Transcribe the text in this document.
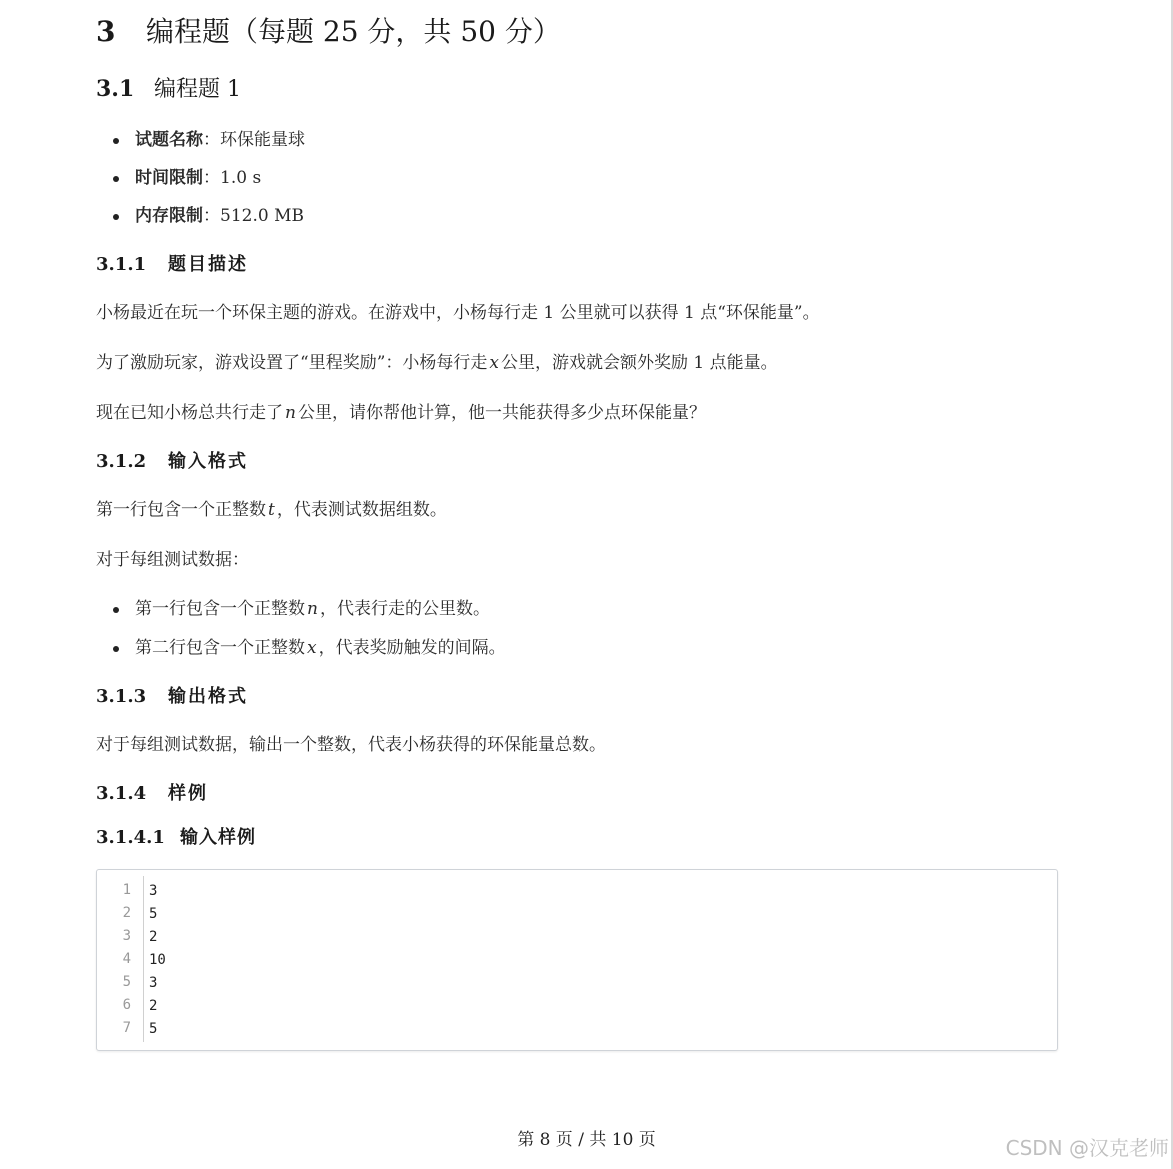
3 编程题（每题 25 分，共 50 分）
3.1 编程题 1
试题名称：环保能量球
时间限制：1.0 s
内存限制：512.0 MB
3.1.1 题目描述
小杨最近在玩一个环保主题的游戏。在游戏中，小杨每行走 1 公里就可以获得 1 点“环保能量”。
为了激励玩家，游戏设置了“里程奖励”：小杨每行走 x 公里，游戏就会额外奖励 1 点能量。
现在已知小杨总共行走了 n 公里，请你帮他计算，他一共能获得多少点环保能量？
3.1.2 输入格式
第一行包含一个正整数 t ，代表测试数据组数。
对于每组测试数据：
第一行包含一个正整数 n ，代表行走的公里数。
第二行包含一个正整数 x ，代表奖励触发的间隔。
3.1.3 输出格式
对于每组测试数据，输出一个整数，代表小杨获得的环保能量总数。
3.1.4 样例
3.1.4.1 输入样例
1
2
3
4
5
6
7
3
5
2
10
3
2
5
第 8 页 / 共 10 页	CSDN @汉克老师
